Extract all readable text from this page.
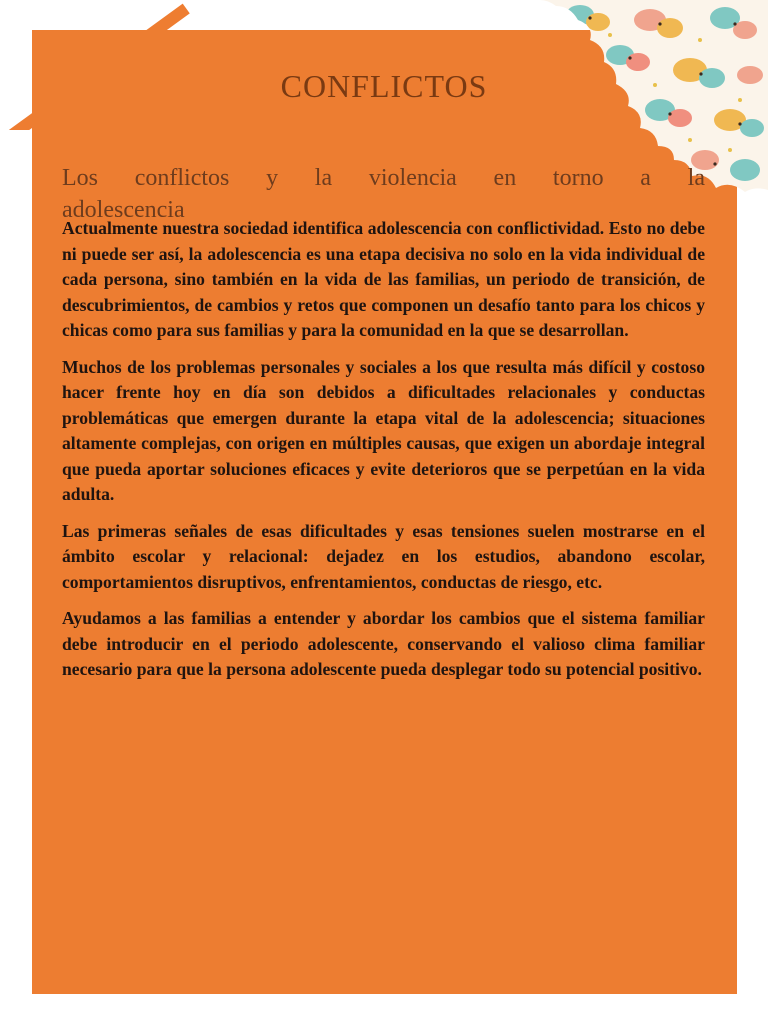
CONFLICTOS

Los conflictos y la violencia en torno a la
adolescencia

Actualmente nuestra sociedad identifica adolescencia con conflictividad. Esto no debe ni puede ser así, la adolescencia es una etapa decisiva no solo en la vida individual de cada persona, sino también en la vida de las familias, un periodo de transición, de descubrimientos, de cambios y retos que componen un desafío tanto para los chicos y chicas como para sus familias y para la comunidad en la que se desarrollan.

Muchos de los problemas personales y sociales a los que resulta más difícil y costoso hacer frente hoy en día son debidos a dificultades relacionales y conductas problemáticas que emergen durante la etapa vital de la adolescencia; situaciones altamente complejas, con origen en múltiples causas, que exigen un abordaje integral que pueda aportar soluciones eficaces y evite deterioros que se perpetúan en la vida adulta.

Las primeras señales de esas dificultades y esas tensiones suelen mostrarse en el ámbito escolar y relacional: dejadez en los estudios, abandono escolar, comportamientos disruptivos, enfrentamientos, conductas de riesgo, etc.

Ayudamos a las familias a entender y abordar los cambios que el sistema familiar debe introducir en el periodo adolescente, conservando el valioso clima familiar necesario para que la persona adolescente pueda desplegar todo su potencial positivo.
